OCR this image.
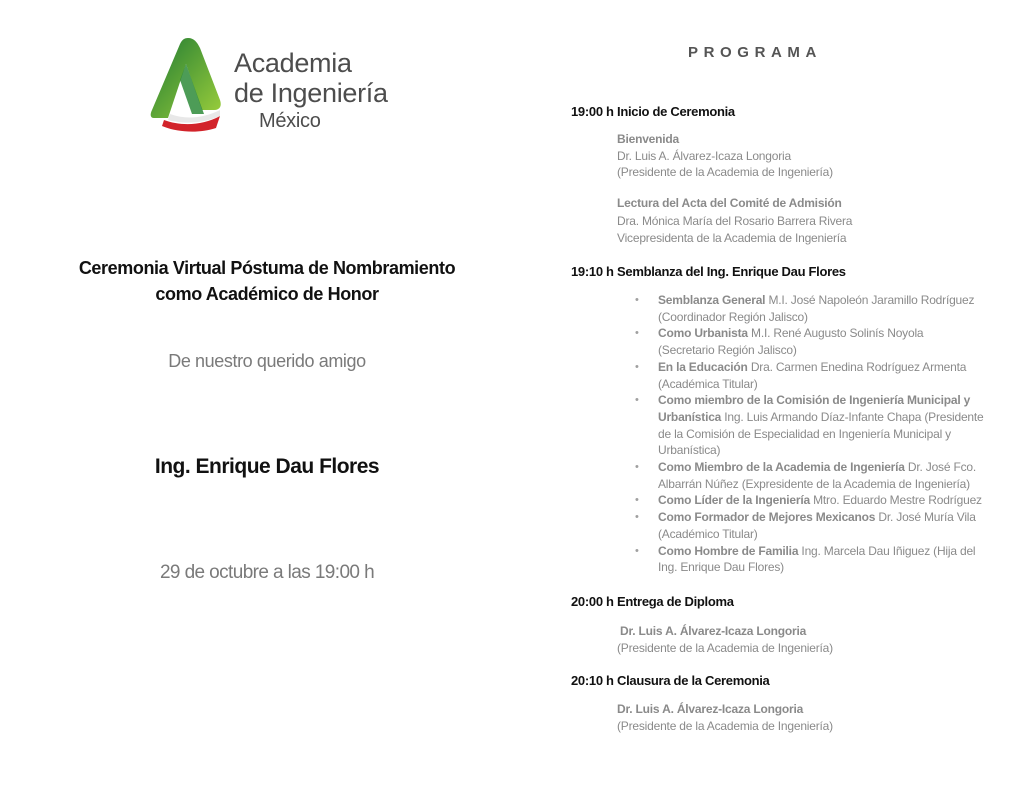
Academia
de Ingeniería
México
Ceremonia Virtual Póstuma de Nombramiento
como Académico de Honor
De nuestro querido amigo
Ing. Enrique Dau Flores
29 de octubre a las 19:00 h
PROGRAMA
19:00 h Inicio de Ceremonia
Bienvenida
Dr. Luis A. Álvarez-Icaza Longoria
(Presidente de la Academia de Ingeniería)
Lectura del Acta del Comité de Admisión
Dra. Mónica María del Rosario Barrera Rivera
Vicepresidenta de la Academia de Ingeniería
19:10 h Semblanza del Ing. Enrique Dau Flores
• Semblanza General M.I. José Napoleón Jaramillo Rodríguez
(Coordinador Región Jalisco)
• Como Urbanista M.I. René Augusto Solinís Noyola
(Secretario Región Jalisco)
• En la Educación Dra. Carmen Enedina Rodríguez Armenta
(Académica Titular)
• Como miembro de la Comisión de Ingeniería Municipal y
Urbanística Ing. Luis Armando Díaz-Infante Chapa (Presidente
de la Comisión de Especialidad en Ingeniería Municipal y
Urbanística)
• Como Miembro de la Academia de Ingeniería Dr. José Fco.
Albarrán Núñez (Expresidente de la Academia de Ingeniería)
• Como Líder de la Ingeniería Mtro. Eduardo Mestre Rodríguez
• Como Formador de Mejores Mexicanos Dr. José Muría Vila
(Académico Titular)
• Como Hombre de Familia Ing. Marcela Dau Iñiguez (Hija del
Ing. Enrique Dau Flores)
20:00 h Entrega de Diploma
Dr. Luis A. Álvarez-Icaza Longoria
(Presidente de la Academia de Ingeniería)
20:10 h Clausura de la Ceremonia
Dr. Luis A. Álvarez-Icaza Longoria
(Presidente de la Academia de Ingeniería)
